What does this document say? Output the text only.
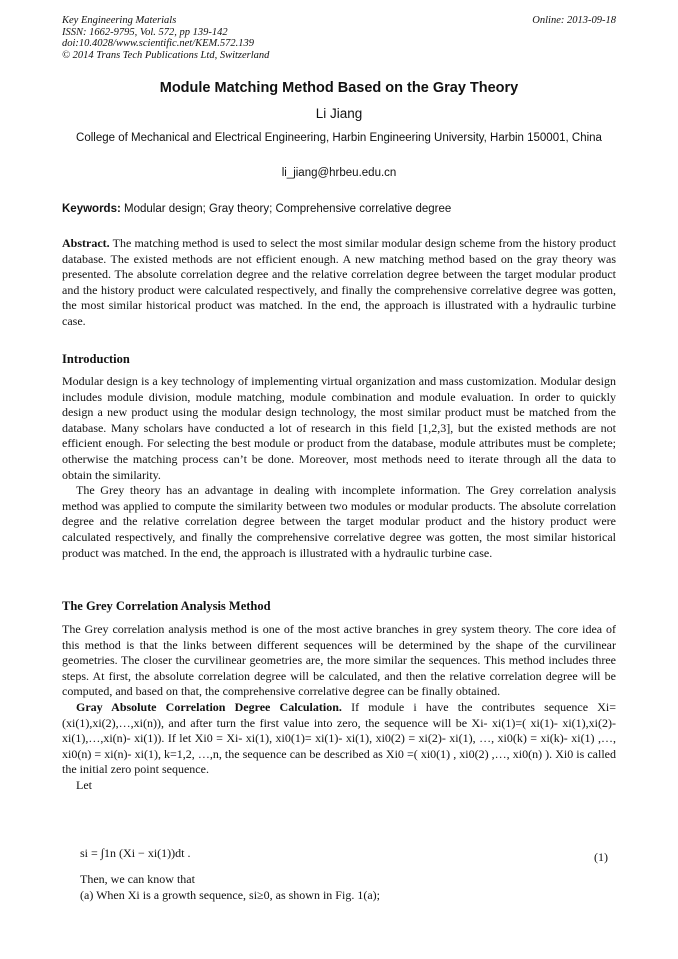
Key Engineering Materials
ISSN: 1662-9795, Vol. 572, pp 139-142
doi:10.4028/www.scientific.net/KEM.572.139
© 2014 Trans Tech Publications Ltd, Switzerland
Online: 2013-09-18
Module Matching Method Based on the Gray Theory
Li Jiang
College of Mechanical and Electrical Engineering, Harbin Engineering University, Harbin 150001, China
li_jiang@hrbeu.edu.cn
Keywords: Modular design; Gray theory; Comprehensive correlative degree

Abstract. The matching method is used to select the most similar modular design scheme from the history product database. The existed methods are not efficient enough. A new matching method based on the gray theory was presented. The absolute correlation degree and the relative correlation degree between the target modular product and the history product were calculated respectively, and finally the comprehensive correlative degree was gotten, the most similar historical product was matched. In the end, the approach is illustrated with a hydraulic turbine case.

Introduction

Modular design is a key technology of implementing virtual organization and mass customization. Modular design includes module division, module matching, module combination and module evaluation. In order to quickly design a new product using the modular design technology, the most similar product must be matched from the database. Many scholars have conducted a lot of research in this field [1,2,3], but the existed methods are not efficient enough. For selecting the best module or product from the database, module attributes must be complete; otherwise the matching process can’t be done. Moreover, most methods need to iterate through all the data to obtain the similarity.

The Grey theory has an advantage in dealing with incomplete information. The Grey correlation analysis method was applied to compute the similarity between two modules or modular products. The absolute correlation degree and the relative correlation degree between the target modular product and the history product were calculated respectively, and finally the comprehensive correlative degree was gotten, the most similar historical product was matched. In the end, the approach is illustrated with a hydraulic turbine case.

The Grey Correlation Analysis Method

The Grey correlation analysis method is one of the most active branches in grey system theory. The core idea of this method is that the links between different sequences will be determined by the shape of the curvilinear geometries. The closer the curvilinear geometries are, the more similar the sequences. This method includes three steps. At first, the absolute correlation degree will be calculated, and then the relative correlation degree will be computed, and based on that, the comprehensive correlative degree can be finally obtained.

Gray Absolute Correlation Degree Calculation. If module i have the contributes sequence Xi=(xi(1),xi(2),…,xi(n)), and after turn the first value into zero, the sequence will be Xi- xi(1)=( xi(1)- xi(1),xi(2)- xi(1),…,xi(n)- xi(1)). If let Xi0 = Xi- xi(1), xi0(1)= xi(1)- xi(1), xi0(2) = xi(2)- xi(1), …, xi0(k) = xi(k)- xi(1) ,…, xi0(n) = xi(n)- xi(1), k=1,2, …,n, the sequence can be described as Xi0 =( xi0(1) , xi0(2) ,…, xi0(n) ). Xi0 is called the initial zero point sequence.

Let

si = ∫1n (Xi − xi(1))dt .	(1)

Then, we can know that

(a) When Xi is a growth sequence, si≥0, as shown in Fig. 1(a);
